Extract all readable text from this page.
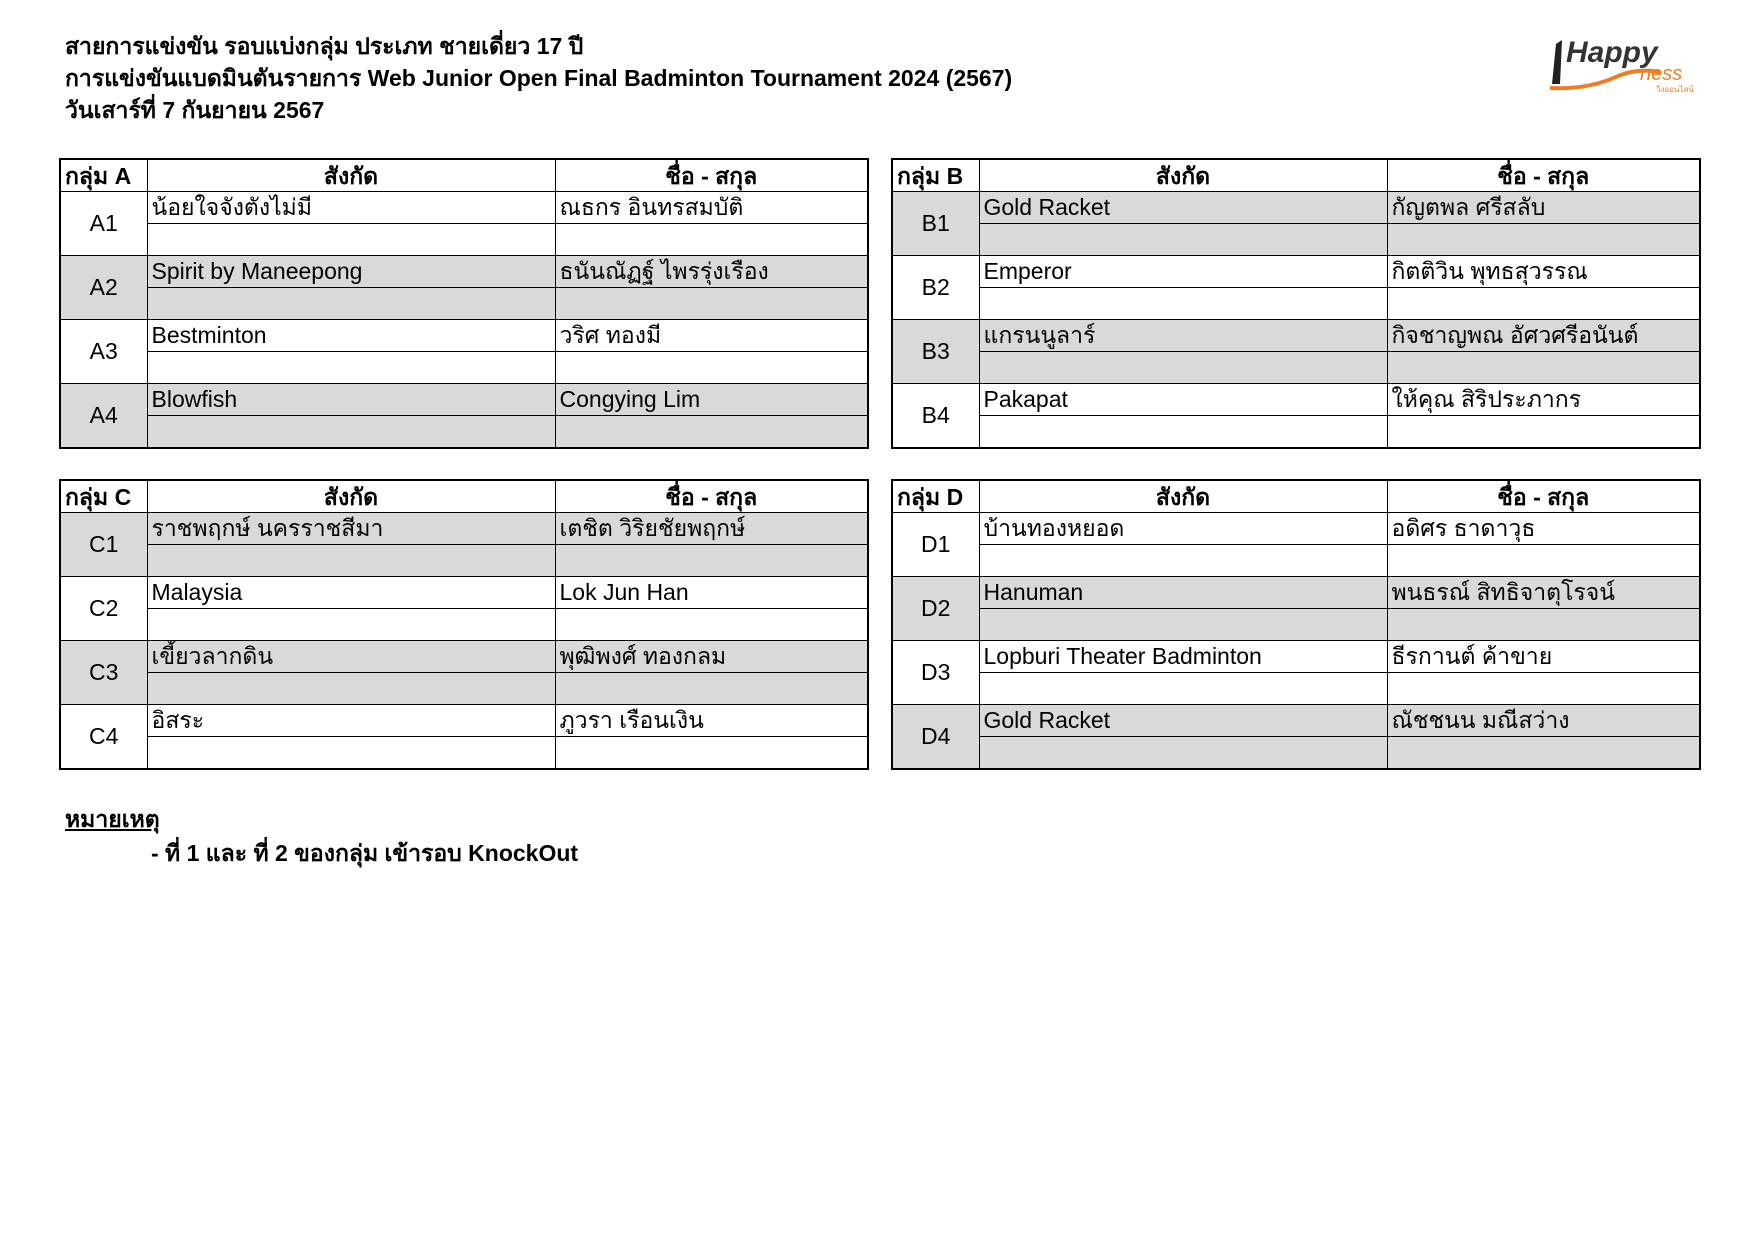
สายการแข่งขัน รอบแบ่งกลุ่ม ประเภท ชายเดี่ยว 17 ปี
การแข่งขันแบดมินตันรายการ Web Junior Open Final Badminton Tournament 2024 (2567)
วันเสาร์ที่ 7 กันยายน 2567
Happy
ness
วิ่งออนไลน์
กลุ่ม A	สังกัด	ชื่อ - สกุล
A1	น้อยใจจังตังไม่มี	ณธกร อินทรสมบัติ

A2	Spirit by Maneepong	ธนันณัฏฐ์ ไพรรุ่งเรือง

A3	Bestminton	วริศ ทองมี

A4	Blowfish	Congying Lim

กลุ่ม B	สังกัด	ชื่อ - สกุล
B1	Gold Racket	กัญตพล ศรีสลับ

B2	Emperor	กิตติวิน พุทธสุวรรณ

B3	แกรนนูลาร์	กิจชาญพณ อัศวศรีอนันต์

B4	Pakapat	ให้คุณ สิริประภากร

กลุ่ม C	สังกัด	ชื่อ - สกุล
C1	ราชพฤกษ์ นครราชสีมา	เตชิต วิริยชัยพฤกษ์

C2	Malaysia	Lok Jun Han

C3	เขี้ยวลากดิน	พุฒิพงศ์ ทองกลม

C4	อิสระ	ภูวรา เรือนเงิน

กลุ่ม D	สังกัด	ชื่อ - สกุล
D1	บ้านทองหยอด	อดิศร ธาดาวุธ

D2	Hanuman	พนธรณ์ สิทธิจาตุโรจน์

D3	Lopburi Theater Badminton	ธีรกานต์ ค้าขาย

D4	Gold Racket	ณัชชนน มณีสว่าง

หมายเหตุ
- ที่ 1 และ ที่ 2 ของกลุ่ม เข้ารอบ KnockOut
